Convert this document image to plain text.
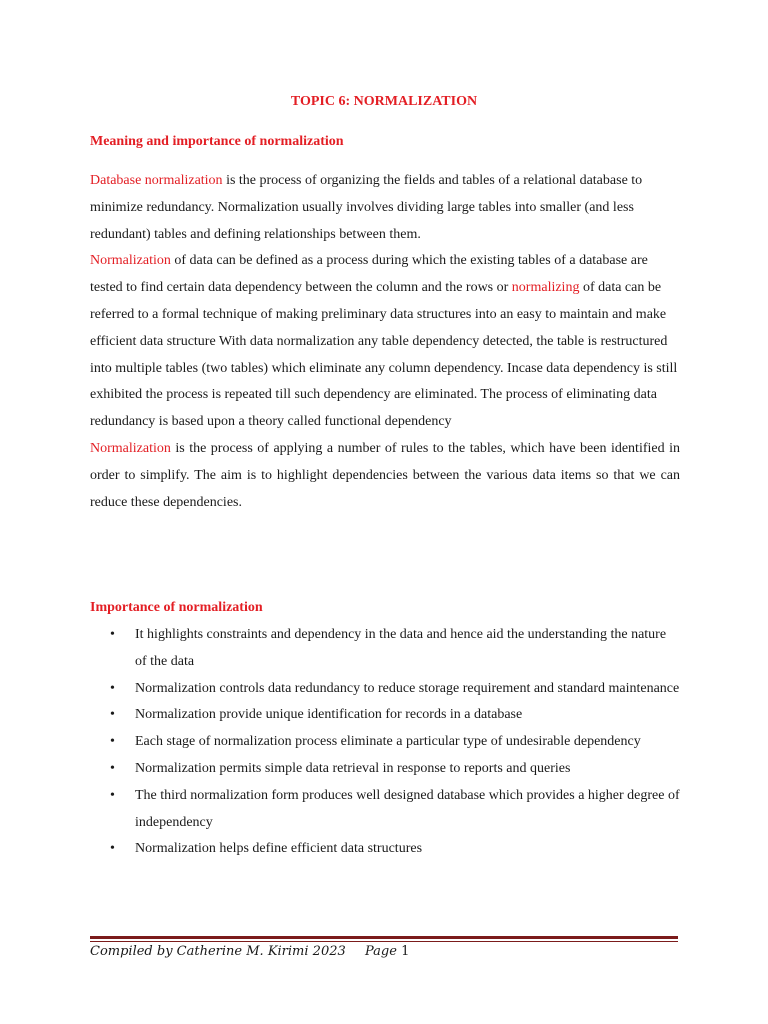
TOPIC 6: NORMALIZATION
Meaning and importance of normalization
Database normalization is the process of organizing the fields and tables of a relational database to minimize redundancy. Normalization usually involves dividing large tables into smaller (and less redundant) tables and defining relationships between them.
Normalization of data can be defined as a process during which the existing tables of a database are tested to find certain data dependency between the column and the rows or normalizing of data can be referred to a formal technique of making preliminary data structures into an easy to maintain and make efficient data structure With data normalization any table dependency detected, the table is restructured into multiple tables (two tables) which eliminate any column dependency. Incase data dependency is still exhibited the process is repeated till such dependency are eliminated. The process of eliminating data redundancy is based upon a theory called functional dependency
Normalization is the process of applying a number of rules to the tables, which have been identified in order to simplify. The aim is to highlight dependencies between the various data items so that we can reduce these dependencies.
Importance of normalization
• It highlights constraints and dependency in the data and hence aid the understanding the nature of the data
• Normalization controls data redundancy to reduce storage requirement and standard maintenance
• Normalization provide unique identification for records in a database
• Each stage of normalization process eliminate a particular type of undesirable dependency
• Normalization permits simple data retrieval in response to reports and queries
• The third normalization form produces well designed database which provides a higher degree of independency
• Normalization helps define efficient data structures
Compiled by Catherine M. Kirimi 2023 Page 1
